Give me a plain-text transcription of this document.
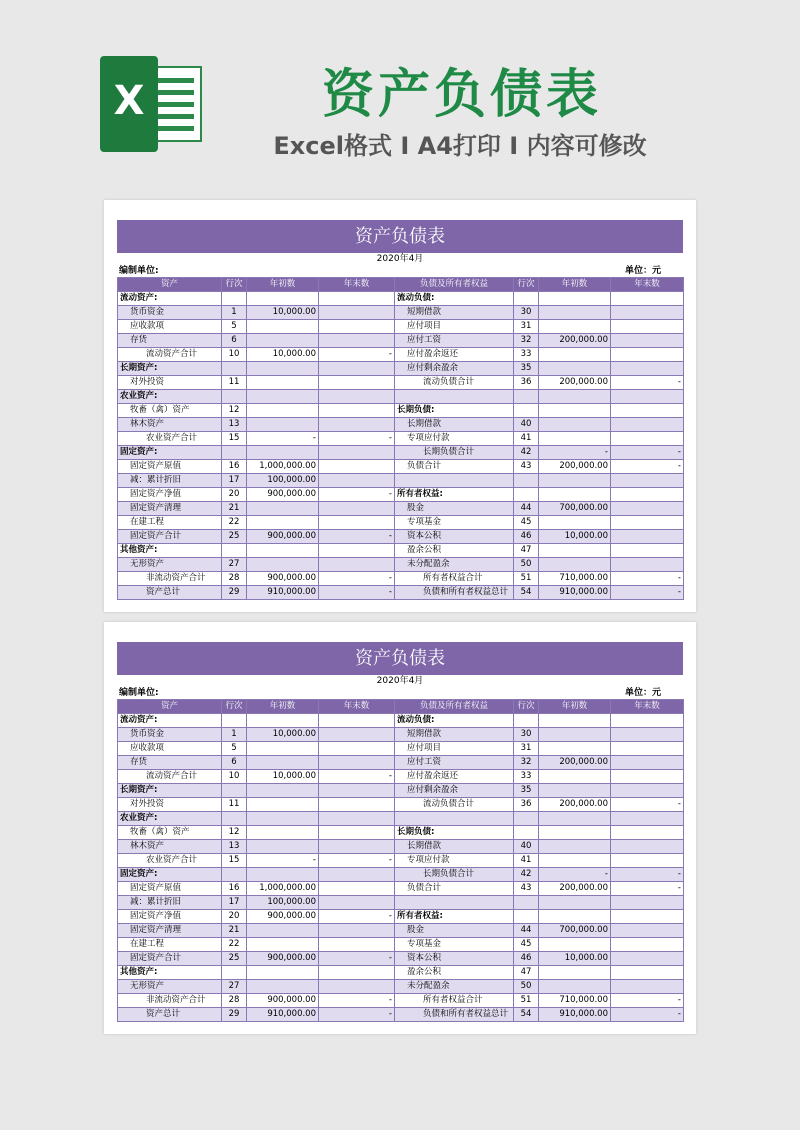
X	资产负债表
Excel格式 I A4打印 I 内容可修改
资产负债表
2020年4月
编制单位:	单位：元
资产	行次	年初数	年末数	负债及所有者权益	行次	年初数	年末数
流动资产:				流动负债:			
货币资金	1	10,000.00		短期借款	30		
应收款项	5			应付项目	31		
存货	6			应付工资	32	200,000.00	
流动资产合计	10	10,000.00	-	应付盈余返还	33		
长期资产:				应付剩余盈余	35		
对外投资	11			流动负债合计	36	200,000.00	-
农业资产:							
牧畜（禽）资产	12			长期负债:			
林木资产	13			长期借款	40		
农业资产合计	15	-	-	专项应付款	41		
固定资产:				长期负债合计	42	-	-
固定资产原值	16	1,000,000.00		负债合计	43	200,000.00	-
减：累计折旧	17	100,000.00					
固定资产净值	20	900,000.00	-	所有者权益:			
固定资产清理	21			股金	44	700,000.00	
在建工程	22			专项基金	45		
固定资产合计	25	900,000.00	-	资本公积	46	10,000.00	
其他资产:				盈余公积	47		
无形资产	27			未分配盈余	50		
非流动资产合计	28	900,000.00	-	所有者权益合计	51	710,000.00	-
资产总计	29	910,000.00	-	负债和所有者权益总计	54	910,000.00	-
资产负债表
2020年4月
编制单位:	单位：元
资产	行次	年初数	年末数	负债及所有者权益	行次	年初数	年末数
流动资产:				流动负债:			
货币资金	1	10,000.00		短期借款	30		
应收款项	5			应付项目	31		
存货	6			应付工资	32	200,000.00	
流动资产合计	10	10,000.00	-	应付盈余返还	33		
长期资产:				应付剩余盈余	35		
对外投资	11			流动负债合计	36	200,000.00	-
农业资产:							
牧畜（禽）资产	12			长期负债:			
林木资产	13			长期借款	40		
农业资产合计	15	-	-	专项应付款	41		
固定资产:				长期负债合计	42	-	-
固定资产原值	16	1,000,000.00		负债合计	43	200,000.00	-
减：累计折旧	17	100,000.00					
固定资产净值	20	900,000.00	-	所有者权益:			
固定资产清理	21			股金	44	700,000.00	
在建工程	22			专项基金	45		
固定资产合计	25	900,000.00	-	资本公积	46	10,000.00	
其他资产:				盈余公积	47		
无形资产	27			未分配盈余	50		
非流动资产合计	28	900,000.00	-	所有者权益合计	51	710,000.00	-
资产总计	29	910,000.00	-	负债和所有者权益总计	54	910,000.00	-
